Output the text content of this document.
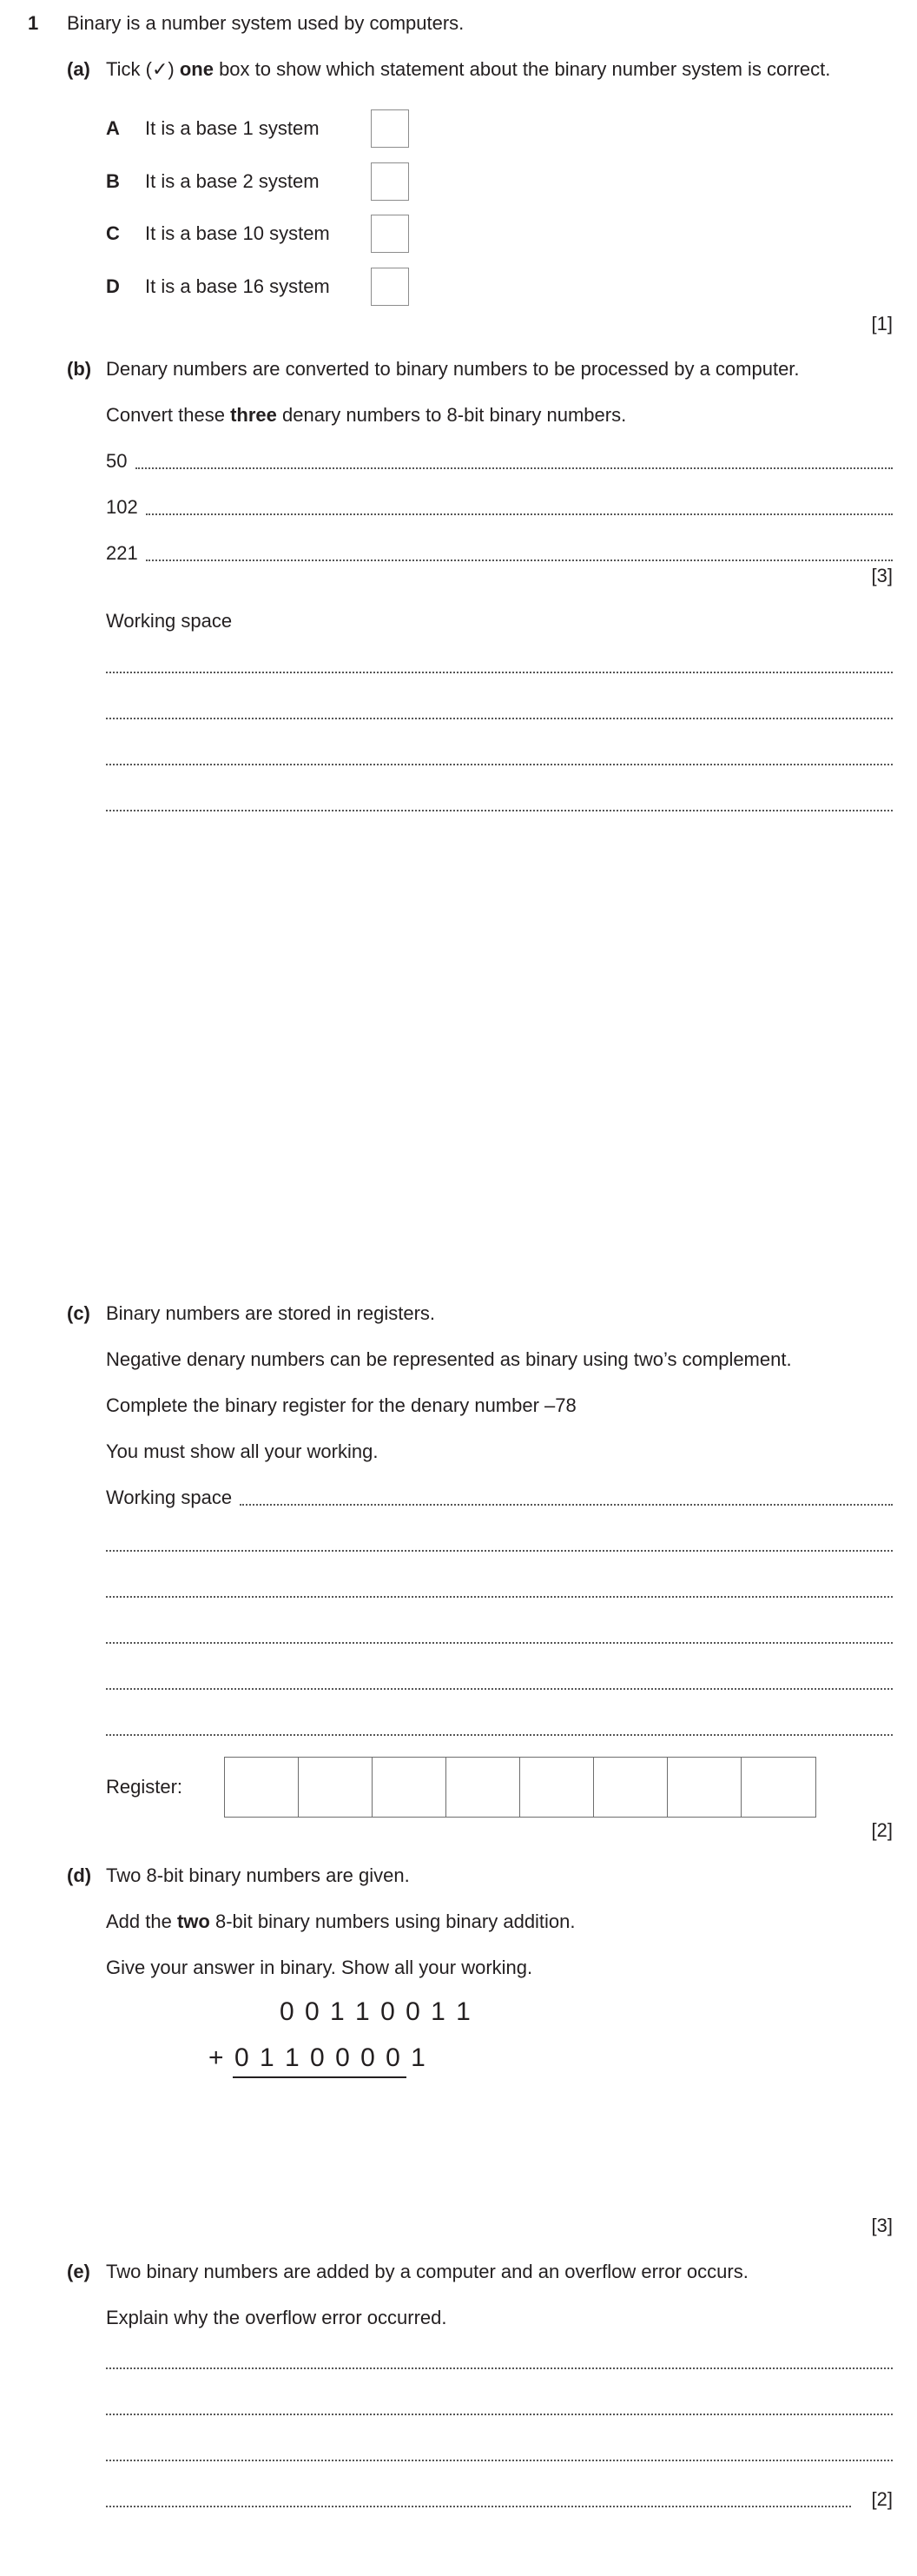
1 Binary is a number system used by computers.
(a) Tick (✓) one box to show which statement about the binary number system is correct.
A It is a base 1 system
B It is a base 2 system
C It is a base 10 system
D It is a base 16 system
[1]
(b) Denary numbers are converted to binary numbers to be processed by a computer.
Convert these three denary numbers to 8-bit binary numbers.
50
102
221
[3]
Working space
(c) Binary numbers are stored in registers.
Negative denary numbers can be represented as binary using two’s complement.
Complete the binary register for the denary number –78
You must show all your working.
Working space
Register:
[2]
(d) Two 8-bit binary numbers are given.
Add the two 8-bit binary numbers using binary addition.
Give your answer in binary. Show all your working.
0 0 1 1 0 0 1 1
+ 0 1 1 0 0 0 0 1
[3]
(e) Two binary numbers are added by a computer and an overflow error occurs.
Explain why the overflow error occurred.
[2]
